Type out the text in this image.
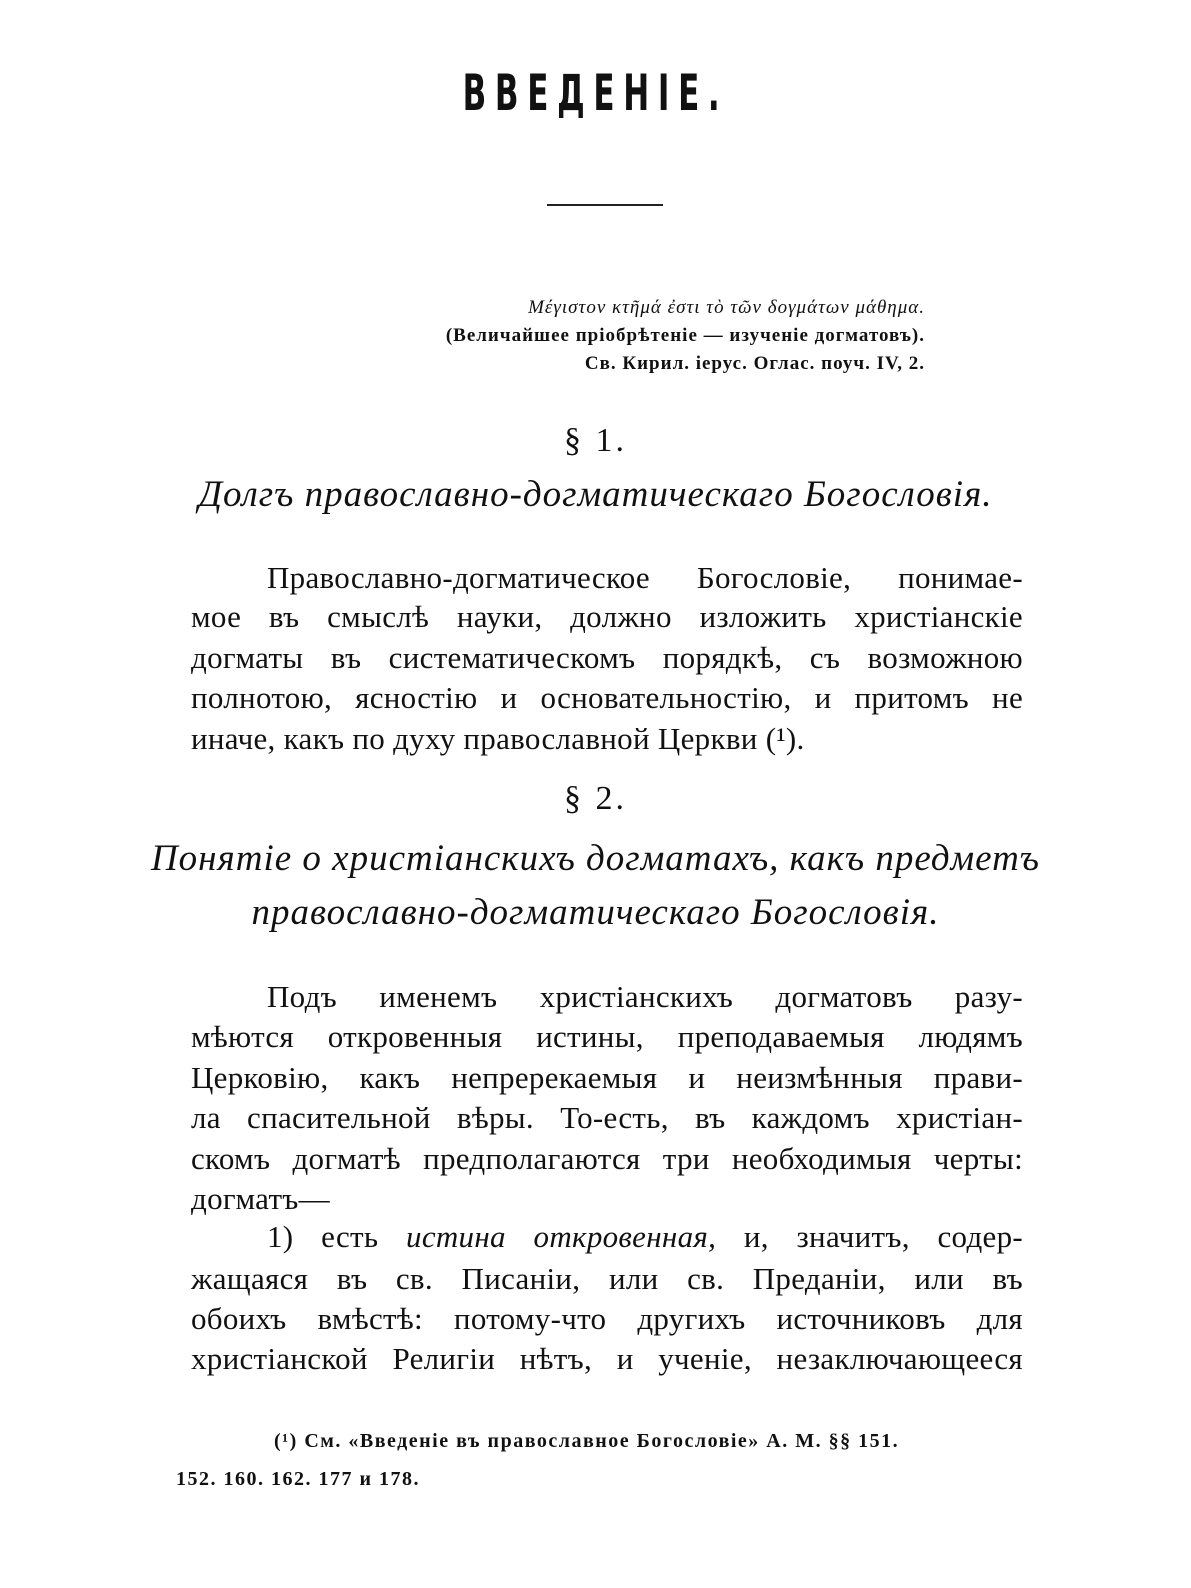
ВВЕДЕНІЕ.
Μέγιστον κτῆμά ἐστι τὸ τῶν δογμάτων μάθημα.
(Величайшее пріобрѣтеніе — изученіе догматовъ).
Св. Кирил. iерус. Оглас. поуч. IV, 2.
§ 1.
Долгъ православно-догматическаго Богословія.
Православно-догматическое Богословіе, понимае-
мое въ смыслѣ науки, должно изложить христіанскіе
догматы въ систематическомъ порядкѣ, съ возможною
полнотою, ясностію и основательностію, и притомъ не
иначе, какъ по духу православной Церкви (¹).
§ 2.
Понятіе о христіанскихъ догматахъ, какъ предметъ
православно-догматическаго Богословія.
Подъ именемъ христіанскихъ догматовъ разу-
мѣются откровенныя истины, преподаваемыя людямъ
Церковію, какъ непререкаемыя и неизмѣнныя прави-
ла спасительной вѣры. То-есть, въ каждомъ христіан-
скомъ догматѣ предполагаются три необходимыя черты:
догматъ—
1) есть истина откровенная, и, значитъ, содер-
жащаяся въ св. Писаніи, или св. Преданіи, или въ
обоихъ вмѣстѣ: потому-что другихъ источниковъ для
христіанской Религіи нѣтъ, и ученіе, незаключающееся
(¹) См. «Введеніе въ православное Богословіе» А. М. §§ 151.
152. 160. 162. 177 и 178.
